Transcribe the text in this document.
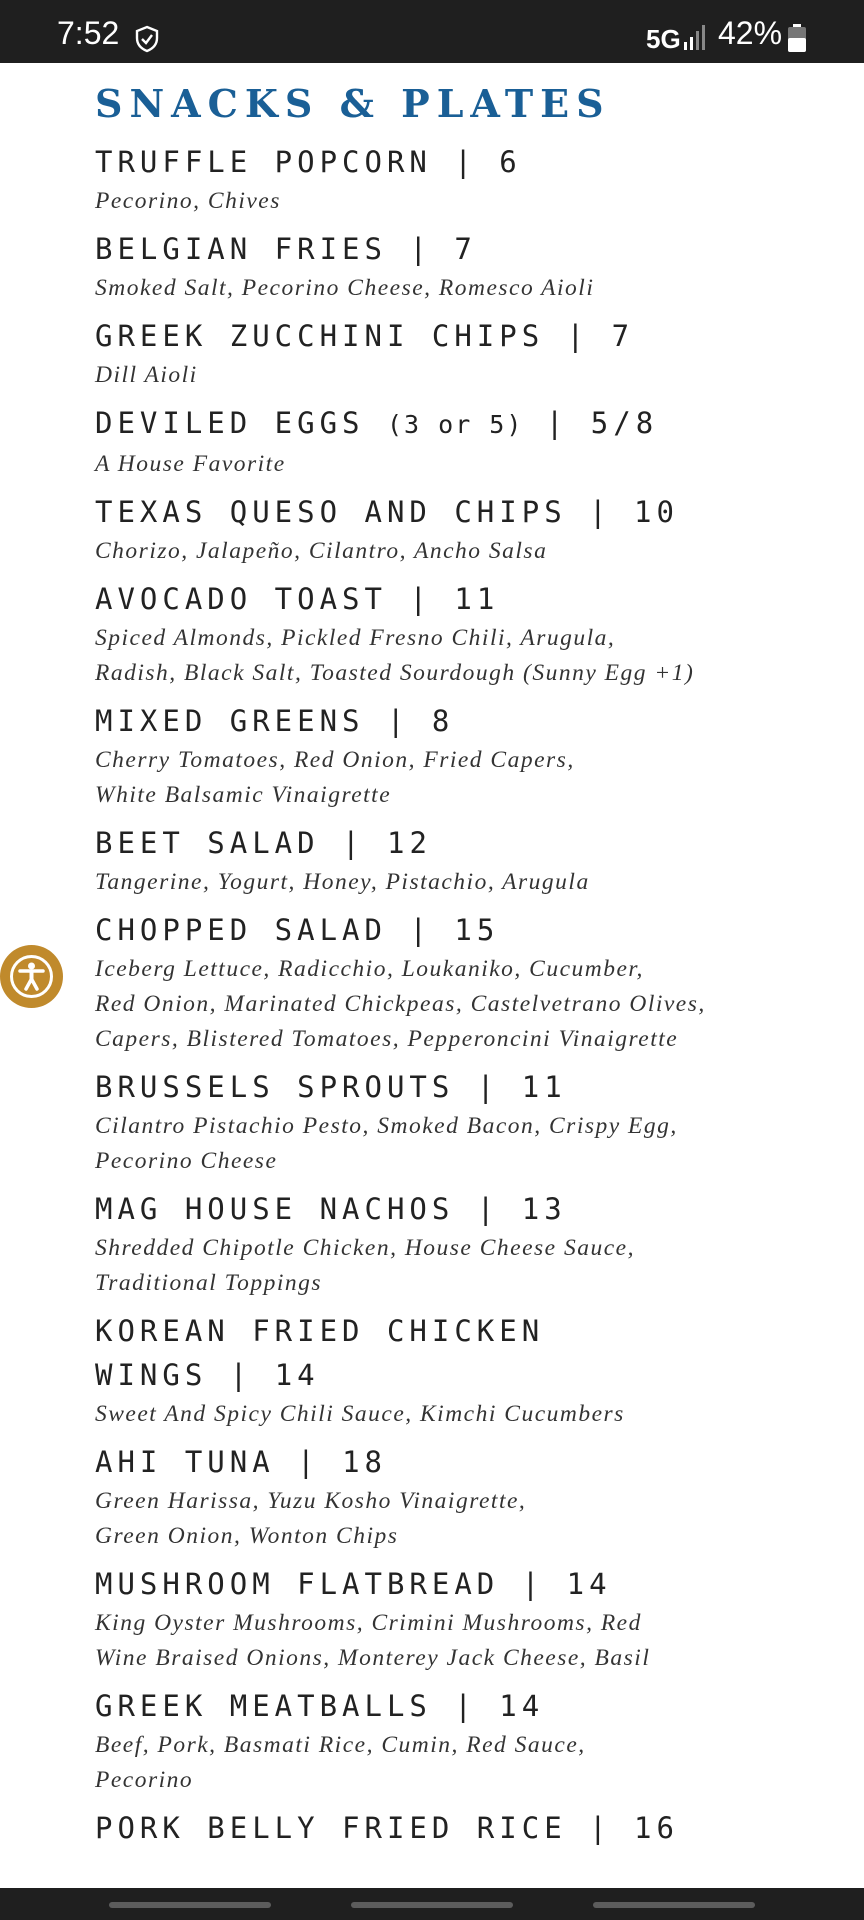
7:52	5G 42%
SNACKS & PLATES
TRUFFLE POPCORN | 6
Pecorino, Chives
BELGIAN FRIES | 7
Smoked Salt, Pecorino Cheese, Romesco Aioli
GREEK ZUCCHINI CHIPS | 7
Dill Aioli
DEVILED EGGS (3 or 5) | 5/8
A House Favorite
TEXAS QUESO AND CHIPS | 10
Chorizo, Jalapeño, Cilantro, Ancho Salsa
AVOCADO TOAST | 11
Spiced Almonds, Pickled Fresno Chili, Arugula,
Radish, Black Salt, Toasted Sourdough (Sunny Egg +1)
MIXED GREENS | 8
Cherry Tomatoes, Red Onion, Fried Capers,
White Balsamic Vinaigrette
BEET SALAD | 12
Tangerine, Yogurt, Honey, Pistachio, Arugula
CHOPPED SALAD | 15
Iceberg Lettuce, Radicchio, Loukaniko, Cucumber,
Red Onion, Marinated Chickpeas, Castelvetrano Olives,
Capers, Blistered Tomatoes, Pepperoncini Vinaigrette
BRUSSELS SPROUTS | 11
Cilantro Pistachio Pesto, Smoked Bacon, Crispy Egg,
Pecorino Cheese
MAG HOUSE NACHOS | 13
Shredded Chipotle Chicken, House Cheese Sauce,
Traditional Toppings
KOREAN FRIED CHICKEN
WINGS | 14
Sweet And Spicy Chili Sauce, Kimchi Cucumbers
AHI TUNA | 18
Green Harissa, Yuzu Kosho Vinaigrette,
Green Onion, Wonton Chips
MUSHROOM FLATBREAD | 14
King Oyster Mushrooms, Crimini Mushrooms, Red
Wine Braised Onions, Monterey Jack Cheese, Basil
GREEK MEATBALLS | 14
Beef, Pork, Basmati Rice, Cumin, Red Sauce,
Pecorino
PORK BELLY FRIED RICE | 16
